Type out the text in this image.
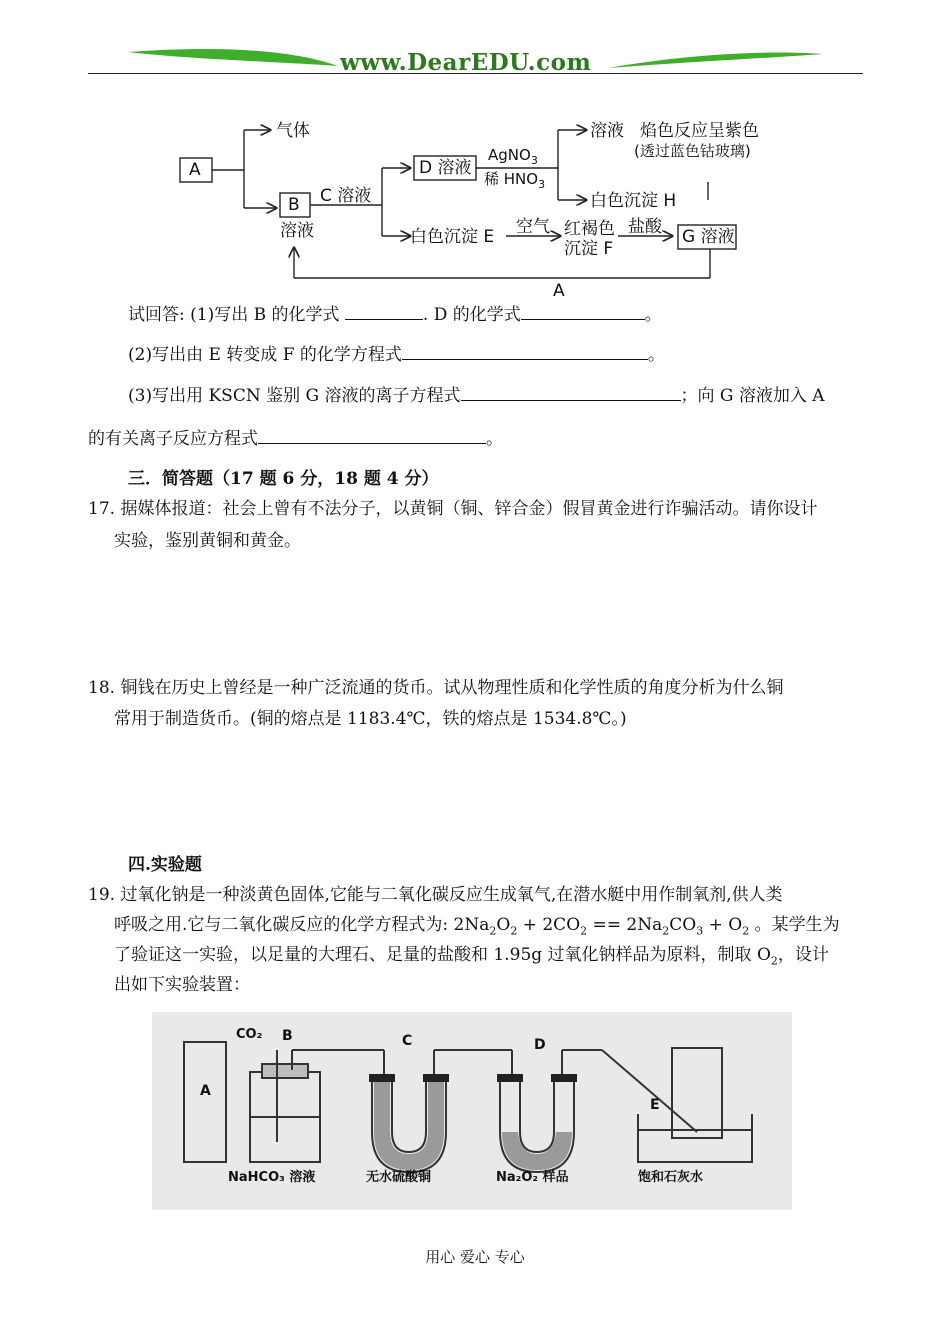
www.DearEDU.com
A
气体
B
溶液
C 溶液
D 溶液
AgNO$_3$
稀 $HNO_3$
溶液 焰色反应呈紫色
(透过蓝色钴玻璃)
白色沉淀 H
白色沉淀 E 空气 红褐色
沉淀 F
盐酸 G 溶液
A
试回答: (1)写出 B 的化学式	. D 的化学式	。
(2)写出由 E 转变成 F 的化学方程式	。
(3)写出用 KSCN 鉴别 G 溶液的离子方程式	；向 G 溶液加入 A
的有关离子反应方程式	。
三．简答题（17 题 6 分，18 题 4 分）
17. 据媒体报道：社会上曾有不法分子，以黄铜（铜、锌合金）假冒黄金进行诈骗活动。请你设计
实验，鉴别黄铜和黄金。
18. 铜钱在历史上曾经是一种广泛流通的货币。试从物理性质和化学性质的角度分析为什么铜
常用于制造货币。(铜的熔点是 1183.4℃，铁的熔点是 1534.8℃。)
四.实验题
19. 过氧化钠是一种淡黄色固体,它能与二氧化碳反应生成氧气,在潜水艇中用作制氧剂,供人类
呼吸之用.它与二氧化碳反应的化学方程式为: $2Na_2O_2 + 2CO_2 == 2Na_2CO_3 + O_2$ 。某学生为
了验证这一实验，以足量的大理石、足量的盐酸和 1.95g 过氧化钠样品为原料，制取 $O_2$，设计
出如下实验装置：
A
CO₂ B	C	D
E
NaHCO₃ 溶液	无水硫酸铜	Na₂O₂ 样品	饱和石灰水
用心 爱心 专心
